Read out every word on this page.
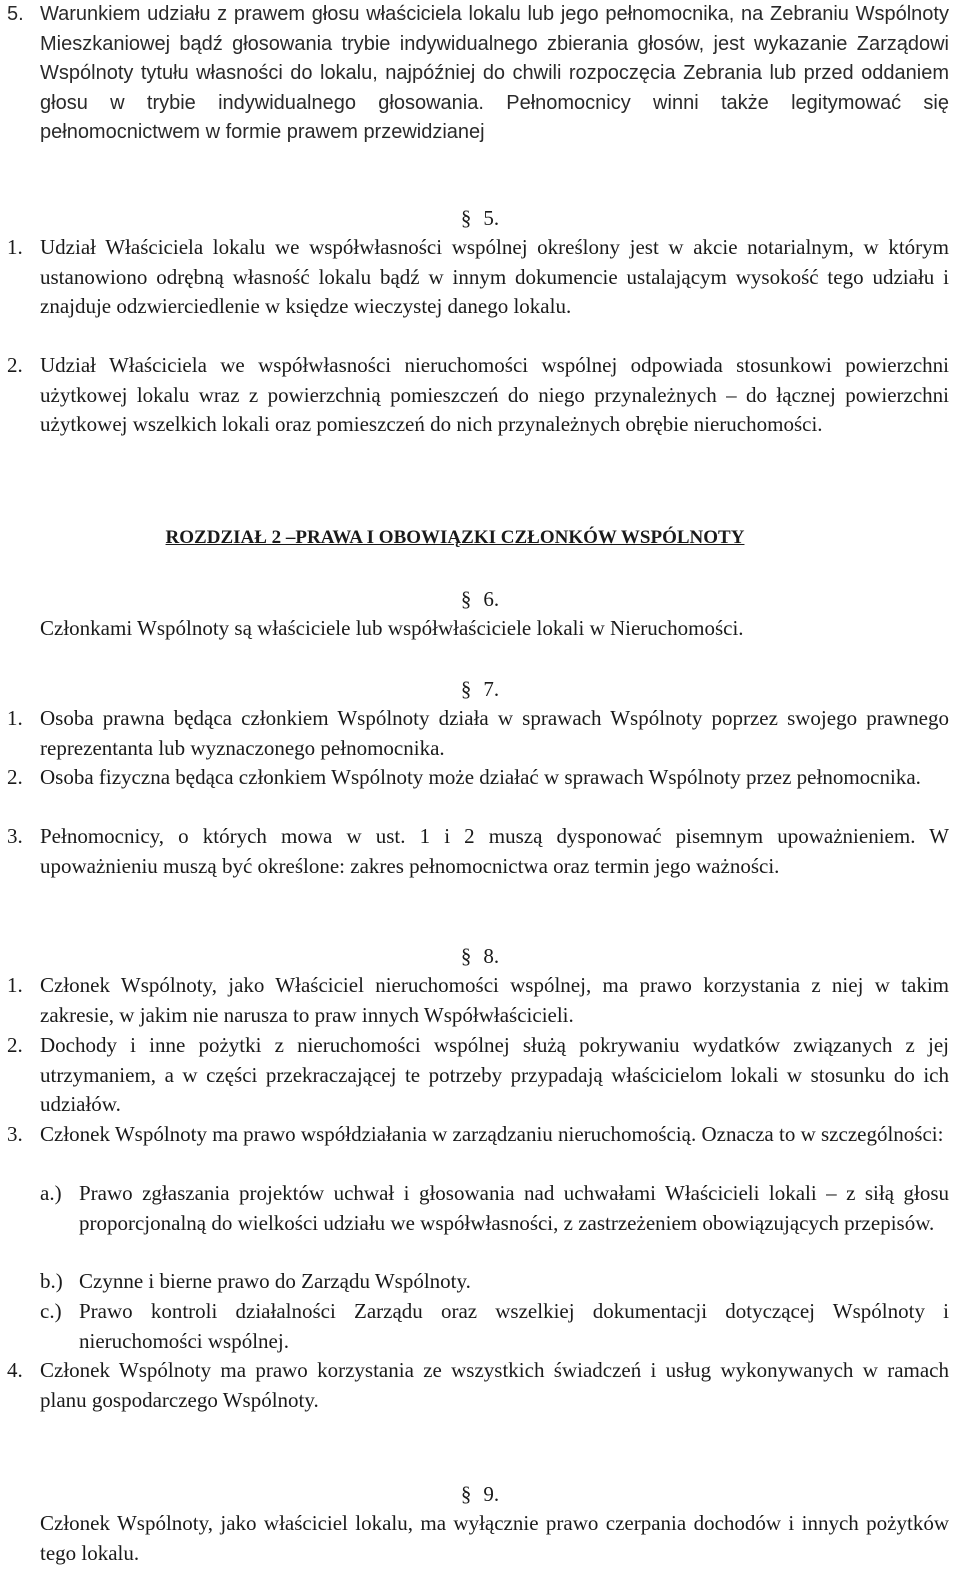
5. Warunkiem udziału z prawem głosu właściciela lokalu lub jego pełnomocnika, na Zebraniu Wspólnoty Mieszkaniowej bądź głosowania trybie indywidualnego zbierania głosów, jest wykazanie Zarządowi Wspólnoty tytułu własności do lokalu, najpóźniej do chwili rozpoczęcia Zebrania lub przed oddaniem głosu w trybie indywidualnego głosowania. Pełnomocnicy winni także legitymować się pełnomocnictwem w formie prawem przewidzianej
§ 5.
1. Udział Właściciela lokalu we współwłasności wspólnej określony jest w akcie notarialnym, w którym ustanowiono odrębną własność lokalu bądź w innym dokumencie ustalającym wysokość tego udziału i znajduje odzwierciedlenie w księdze wieczystej danego lokalu.
2. Udział Właściciela we współwłasności nieruchomości wspólnej odpowiada stosunkowi powierzchni użytkowej lokalu wraz z powierzchnią pomieszczeń do niego przynależnych – do łącznej powierzchni użytkowej wszelkich lokali oraz pomieszczeń do nich przynależnych obrębie nieruchomości.
ROZDZIAŁ 2 –PRAWA I OBOWIĄZKI CZŁONKÓW WSPÓLNOTY
§ 6.
Członkami Wspólnoty są właściciele lub współwłaściciele lokali w Nieruchomości.
§ 7.
1. Osoba prawna będąca członkiem Wspólnoty działa w sprawach Wspólnoty poprzez swojego prawnego reprezentanta lub wyznaczonego pełnomocnika.
2. Osoba fizyczna będąca członkiem Wspólnoty może działać w sprawach Wspólnoty przez pełnomocnika.
3. Pełnomocnicy, o których mowa w ust. 1 i 2 muszą dysponować pisemnym upoważnieniem. W upoważnieniu muszą być określone: zakres pełnomocnictwa oraz termin jego ważności.
§ 8.
1. Członek Wspólnoty, jako Właściciel nieruchomości wspólnej, ma prawo korzystania z niej w takim zakresie, w jakim nie narusza to praw innych Współwłaścicieli.
2. Dochody i inne pożytki z nieruchomości wspólnej służą pokrywaniu wydatków związanych z jej utrzymaniem, a w części przekraczającej te potrzeby przypadają właścicielom lokali w stosunku do ich udziałów.
3. Członek Wspólnoty ma prawo współdziałania w zarządzaniu nieruchomością. Oznacza to w szczególności:
a.) Prawo zgłaszania projektów uchwał i głosowania nad uchwałami Właścicieli lokali – z siłą głosu proporcjonalną do wielkości udziału we współwłasności, z zastrzeżeniem obowiązujących przepisów.
b.) Czynne i bierne prawo do Zarządu Wspólnoty.
c.) Prawo kontroli działalności Zarządu oraz wszelkiej dokumentacji dotyczącej Wspólnoty i nieruchomości wspólnej.
4. Członek Wspólnoty ma prawo korzystania ze wszystkich świadczeń i usług wykonywanych w ramach planu gospodarczego Wspólnoty.
§ 9.
Członek Wspólnoty, jako właściciel lokalu, ma wyłącznie prawo czerpania dochodów i innych pożytków tego lokalu.
